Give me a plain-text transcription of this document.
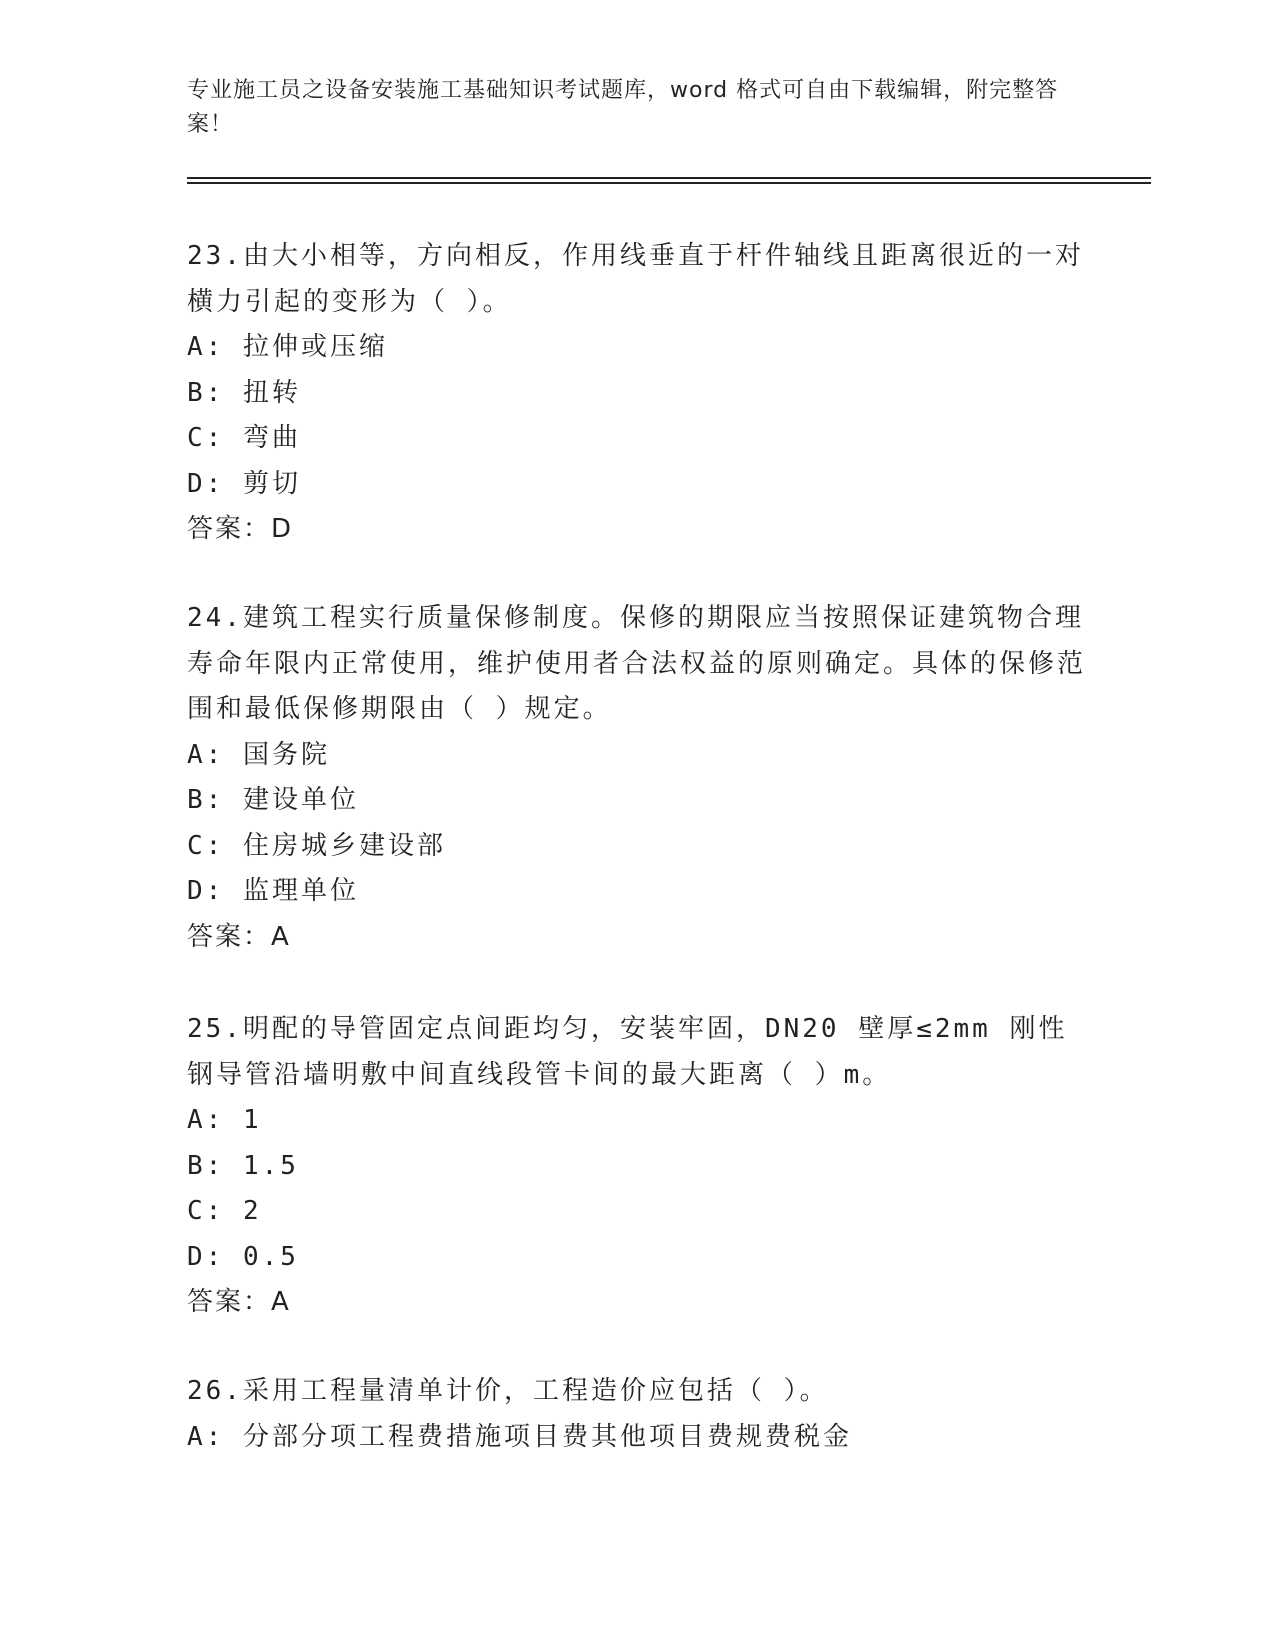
专业施工员之设备安装施工基础知识考试题库，word 格式可自由下载编辑，附完整答案！

23.由大小相等，方向相反，作用线垂直于杆件轴线且距离很近的一对横力引起的变形为（ ）。

A: 拉伸或压缩
B: 扭转
C: 弯曲
D: 剪切
答案：D

24.建筑工程实行质量保修制度。保修的期限应当按照保证建筑物合理寿命年限内正常使用，维护使用者合法权益的原则确定。具体的保修范围和最低保修期限由（ ）规定。

A: 国务院
B: 建设单位
C: 住房城乡建设部
D: 监理单位
答案：A

25.明配的导管固定点间距均匀，安装牢固，DN20 壁厚≤2mm 刚性钢导管沿墙明敷中间直线段管卡间的最大距离（ ）m。

A: 1
B: 1.5
C: 2
D: 0.5
答案：A

26.采用工程量清单计价，工程造价应包括（ ）。

A: 分部分项工程费措施项目费其他项目费规费税金
